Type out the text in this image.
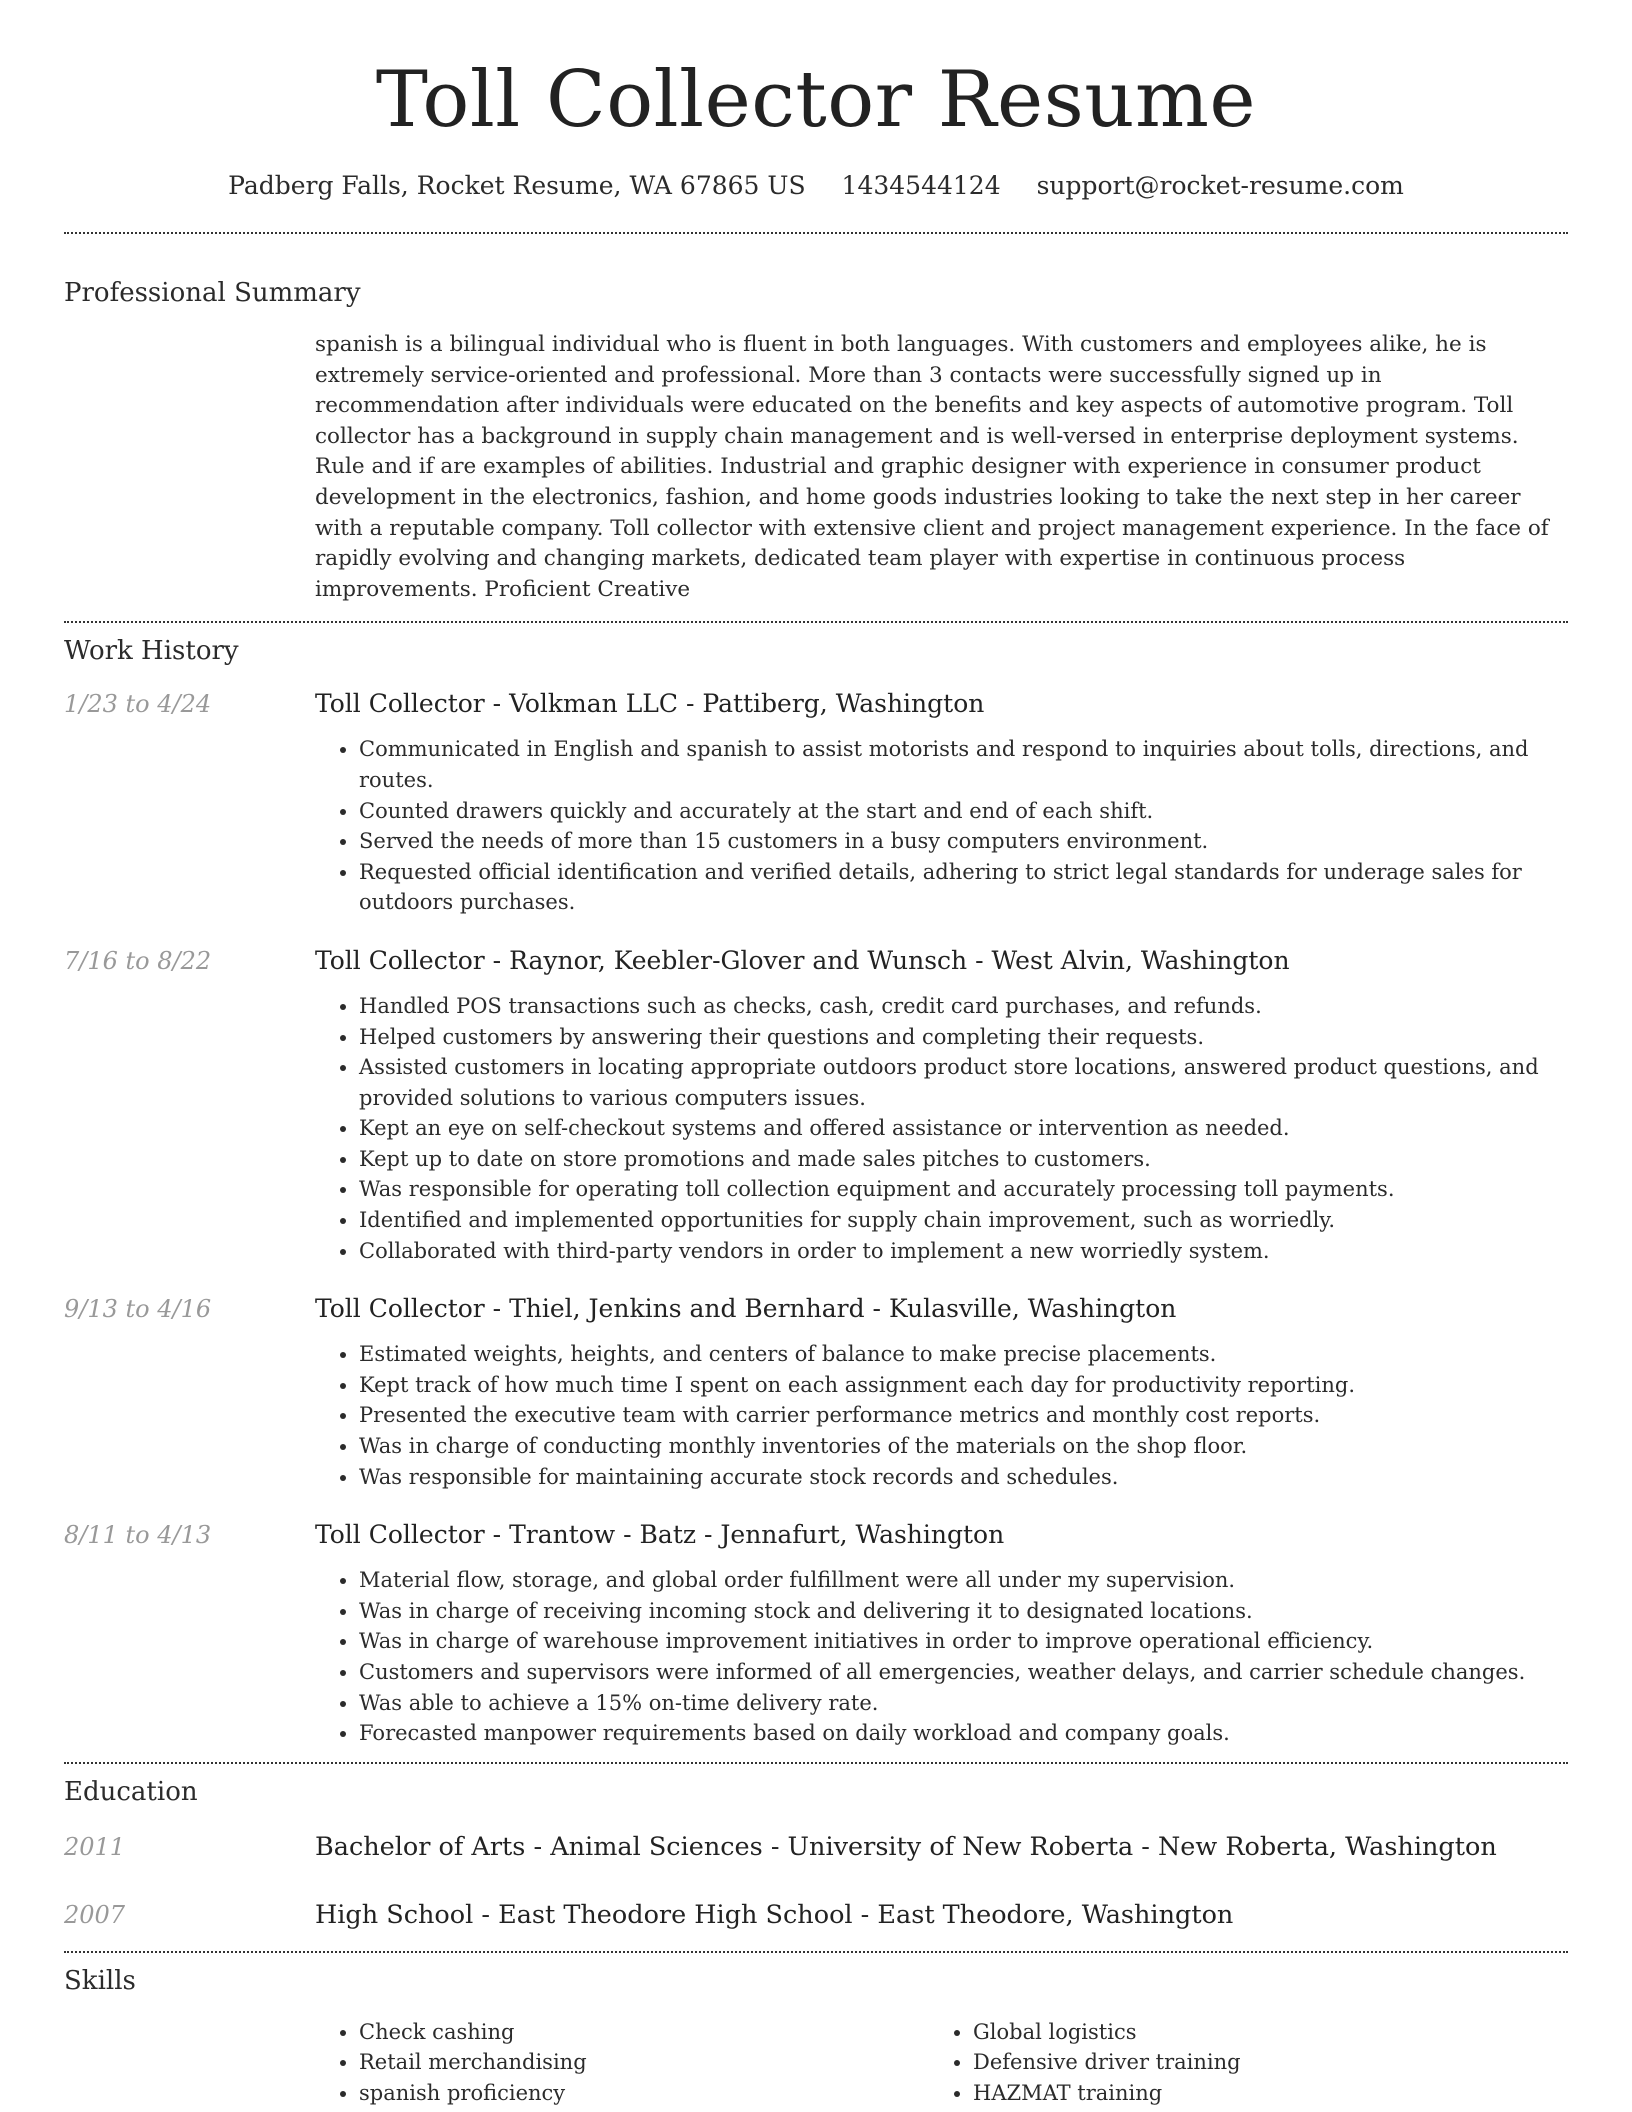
Toll Collector Resume
Padberg Falls, Rocket Resume, WA 67865 US 1434544124 support@rocket-resume.com
Professional Summary
spanish is a bilingual individual who is fluent in both languages. With customers and employees alike, he is extremely service-oriented and professional. More than 3 contacts were successfully signed up in recommendation after individuals were educated on the benefits and key aspects of automotive program. Toll collector has a background in supply chain management and is well-versed in enterprise deployment systems. Rule and if are examples of abilities. Industrial and graphic designer with experience in consumer product development in the electronics, fashion, and home goods industries looking to take the next step in her career with a reputable company. Toll collector with extensive client and project management experience. In the face of rapidly evolving and changing markets, dedicated team player with expertise in continuous process improvements. Proficient Creative
Work History
1/23 to 4/24	Toll Collector - Volkman LLC - Pattiberg, Washington
• Communicated in English and spanish to assist motorists and respond to inquiries about tolls, directions, and routes.
• Counted drawers quickly and accurately at the start and end of each shift.
• Served the needs of more than 15 customers in a busy computers environment.
• Requested official identification and verified details, adhering to strict legal standards for underage sales for outdoors purchases.
7/16 to 8/22	Toll Collector - Raynor, Keebler-Glover and Wunsch - West Alvin, Washington
• Handled POS transactions such as checks, cash, credit card purchases, and refunds.
• Helped customers by answering their questions and completing their requests.
• Assisted customers in locating appropriate outdoors product store locations, answered product questions, and provided solutions to various computers issues.
• Kept an eye on self-checkout systems and offered assistance or intervention as needed.
• Kept up to date on store promotions and made sales pitches to customers.
• Was responsible for operating toll collection equipment and accurately processing toll payments.
• Identified and implemented opportunities for supply chain improvement, such as worriedly.
• Collaborated with third-party vendors in order to implement a new worriedly system.
9/13 to 4/16	Toll Collector - Thiel, Jenkins and Bernhard - Kulasville, Washington
• Estimated weights, heights, and centers of balance to make precise placements.
• Kept track of how much time I spent on each assignment each day for productivity reporting.
• Presented the executive team with carrier performance metrics and monthly cost reports.
• Was in charge of conducting monthly inventories of the materials on the shop floor.
• Was responsible for maintaining accurate stock records and schedules.
8/11 to 4/13	Toll Collector - Trantow - Batz - Jennafurt, Washington
• Material flow, storage, and global order fulfillment were all under my supervision.
• Was in charge of receiving incoming stock and delivering it to designated locations.
• Was in charge of warehouse improvement initiatives in order to improve operational efficiency.
• Customers and supervisors were informed of all emergencies, weather delays, and carrier schedule changes.
• Was able to achieve a 15% on-time delivery rate.
• Forecasted manpower requirements based on daily workload and company goals.
Education
2011	Bachelor of Arts - Animal Sciences - University of New Roberta - New Roberta, Washington
2007	High School - East Theodore High School - East Theodore, Washington
Skills
• Check cashing
• Retail merchandising
• spanish proficiency
• Global logistics
• Defensive driver training
• HAZMAT training
